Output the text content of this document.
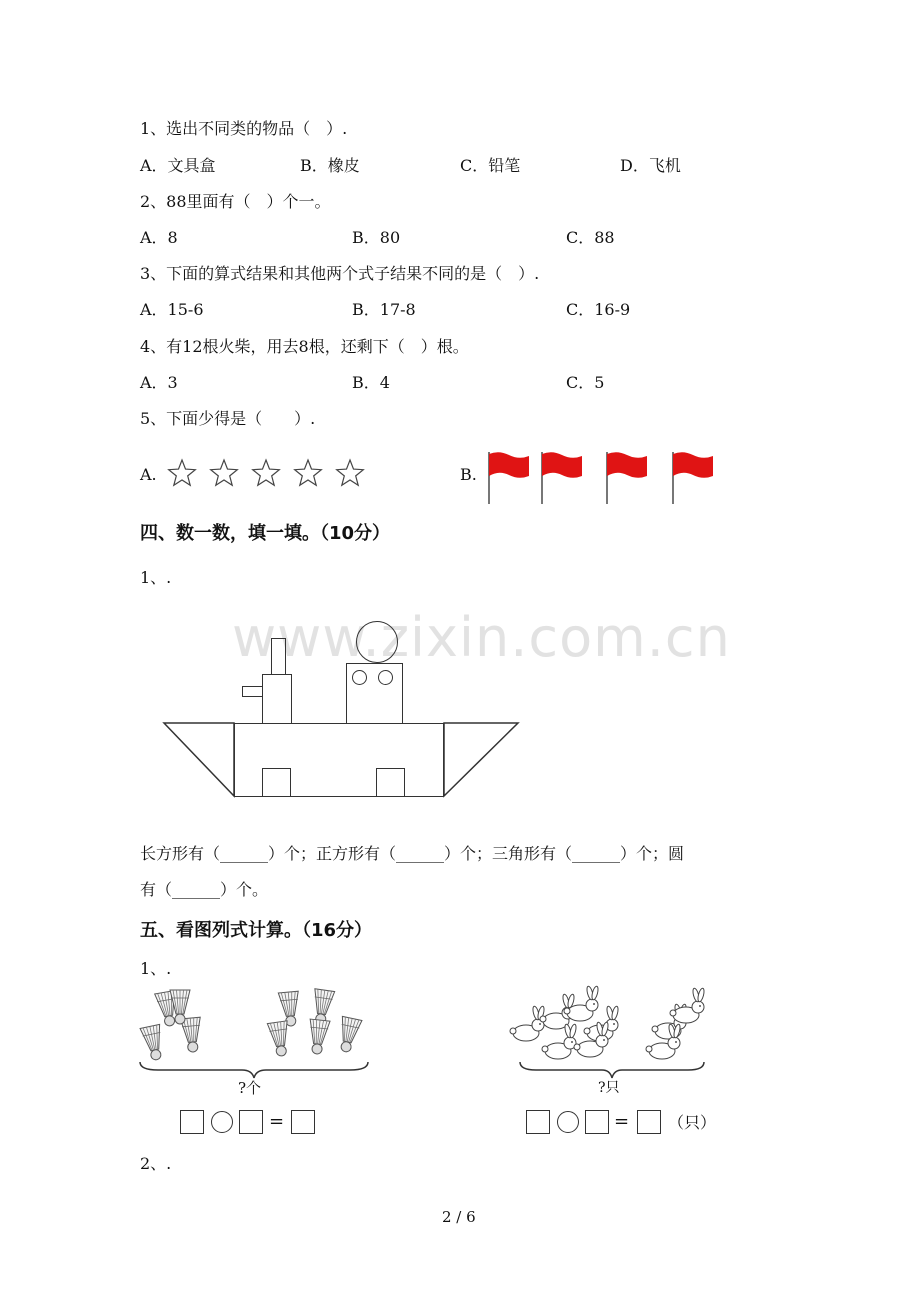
www.zixin.com.cn
1、选出不同类的物品（　）.
A．文具盒	B．橡皮	C．铅笔	D．飞机
2、88里面有（　）个一。
A．8	B．80	C．88
3、下面的算式结果和其他两个式子结果不同的是（　）.
A．15-6	B．17-8	C．16-9
4、有12根火柴，用去8根，还剩下（　）根。
A．3	B．4	C．5
5、下面少得是（　　）.
A.	B.
四、数一数，填一填。（10分）
1、.
长方形有（______）个；正方形有（______）个；三角形有（______）个；圆
有（______）个。
五、看图列式计算。（16分）
1、.
?个
=
?只
= （只）
2、.
2 / 6
